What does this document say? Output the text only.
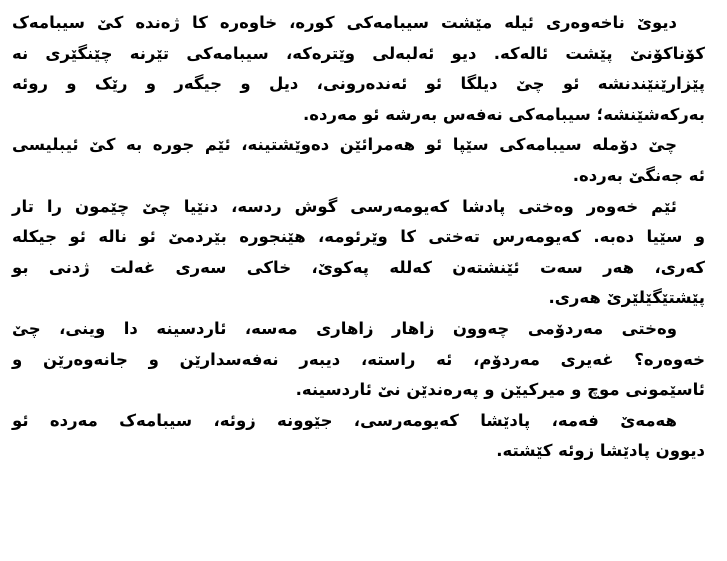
دیوێ ناخەوەری ئیلە مێشت سیبامەکی کورە، خاوەرە کا ژەندە کێ سیبامەک
کۆناکۆنێ پێشت ئالەکە. دیو ئەلبەلی وێترەکە، سیبامەکی تێرنە چێنگێری نە
پێزارێنێندنشە ئو چێ دیلگا ئو ئەندەرونی، دیل و جیگەر و رێک و روئە
بەرکەشێنشە؛ سیبامەکی نەفەس بەرشە ئو مەردە.
چێ دۆملە سیبامەکی سێپا ئو هەمرائێن دەوێشتینە، ئێم جورە بە کێ ئیبلیسی
ئە جەنگێ بەردە.
ئێم خەوەر وەختی پادشا کەیومەرسی گوش ردسە، دنێیا چێ چێمون را تار
و سێیا دەبە. کەیومەرس تەختی کا وێرئومە، هێنجورە بێردمێ ئو نالە ئو جیکلە
کەری، هەر سەت ئێنشتەن کەللە پەکوێ، خاکی سەری غەلت ژدنی بو
پێشتێگێلێرێ هەری.
وەختی مەردۆمی چەوون زاهار زاهاری مەسە، ئاردسینە دا وینی، چێ
خەوەرە؟ غەیری مەردۆم، ئە راستە، دیبەر نەفەسدارێن و جانەوەرێن و
ئاسێمونی موچ و میرکیێن و پەرەندێن نێ ئاردسینە.
هەمەێ فەمە، پادێشا کەیومەرسی، جێوونە زوئە، سیبامەک مەردە ئو
دیوون پادێشا زوئە کێشتە.
